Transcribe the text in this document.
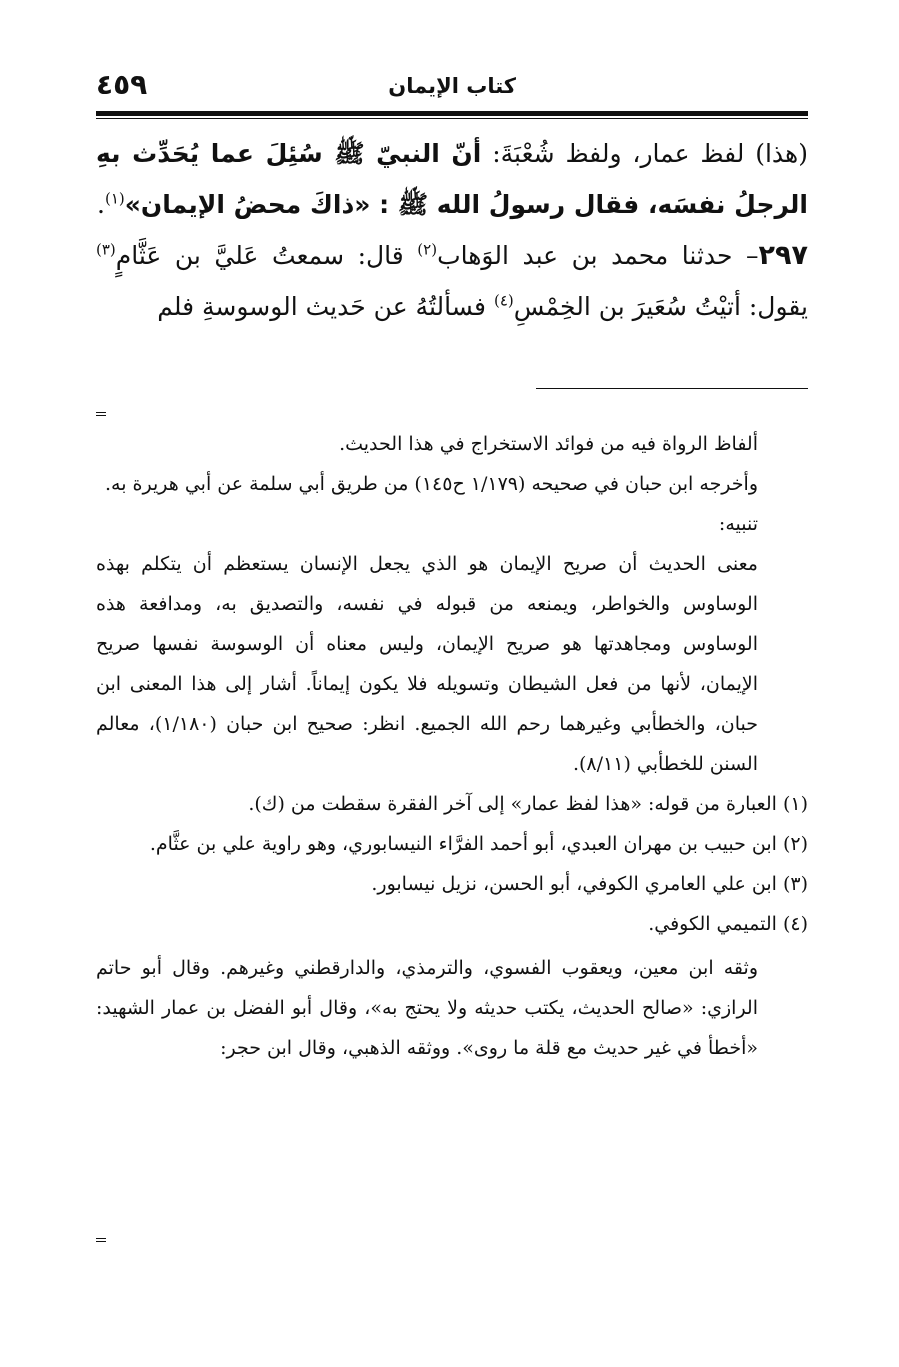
كتاب الإيمان
٤٥٩

(هذا) لفظ عمار، ولفظ شُعْبَةَ: أنّ النبيّ ﷺ سُئِلَ عما يُحَدِّث بهِ الرجلُ نفسَه، فقال رسولُ الله ﷺ : «ذاكَ محضُ الإيمان»$^{(١)}$.

٢٩٧– حدثنا محمد بن عبد الوَهاب$^{(٢)}$ قال: سمعتُ عَليَّ بن عَثَّامٍ$^{(٣)}$ يقول: أتيْتُ سُعَيرَ بن الخِمْسِ$^{(٤)}$ فسألتُهُ عن حَديث الوسوسةِ فلم

ألفاظ الرواة فيه من فوائد الاستخراج في هذا الحديث.

وأخرجه ابن حبان في صحيحه (١/١٧٩ ح١٤٥) من طريق أبي سلمة عن أبي هريرة به.

تنبيه:

معنى الحديث أن صريح الإيمان هو الذي يجعل الإنسان يستعظم أن يتكلم بهذه الوساوس والخواطر، ويمنعه من قبوله في نفسه، والتصديق به، ومدافعة هذه الوساوس ومجاهدتها هو صريح الإيمان، وليس معناه أن الوسوسة نفسها صريح الإيمان، لأنها من فعل الشيطان وتسويله فلا يكون إيماناً. أشار إلى هذا المعنى ابن حبان، والخطأبي وغيرهما رحم الله الجميع. انظر: صحيح ابن حبان (١/١٨٠)، معالم السنن للخطأبي (٨/١١).

(١) العبارة من قوله: «هذا لفظ عمار» إلى آخر الفقرة سقطت من (ك).

(٢) ابن حبيب بن مهران العبدي، أبو أحمد الفرَّاء النيسابوري، وهو راوية علي بن عثَّام.

(٣) ابن علي العامري الكوفي، أبو الحسن، نزيل نيسابور.

(٤) التميمي الكوفي.

وثقه ابن معين، ويعقوب الفسوي، والترمذي، والدارقطني وغيرهم. وقال أبو حاتم الرازي: «صالح الحديث، يكتب حديثه ولا يحتج به»، وقال أبو الفضل بن عمار الشهيد: «أخطأ في غير حديث مع قلة ما روى». ووثقه الذهبي، وقال ابن حجر:
